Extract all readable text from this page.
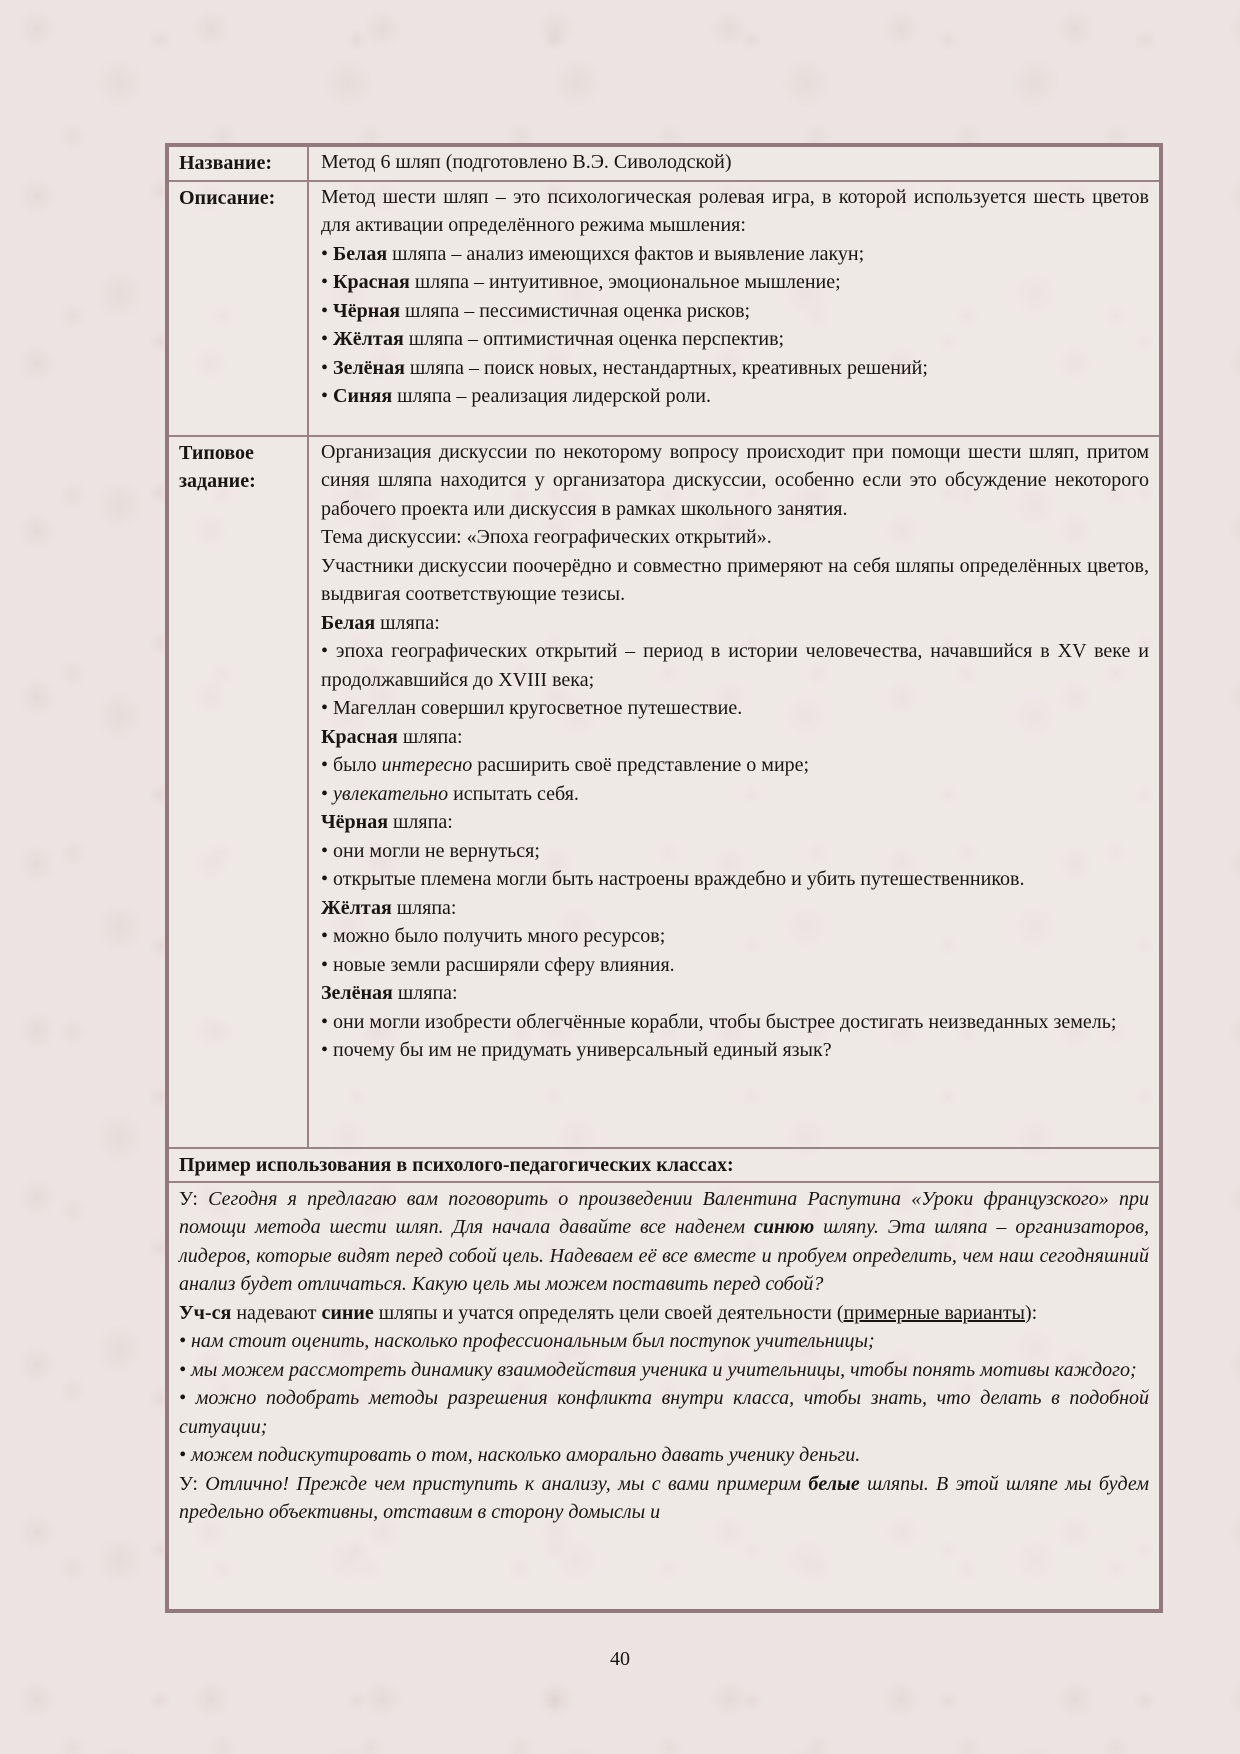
Название:	Метод 6 шляп (подготовлено В.Э. Сиволодской)
Описание:	Метод шести шляп – это психологическая ролевая игра, в которой используется шесть цветов для активации определённого режима мышления:
• Белая шляпа – анализ имеющихся фактов и выявление лакун;
• Красная шляпа – интуитивное, эмоциональное мышление;
• Чёрная шляпа – пессимистичная оценка рисков;
• Жёлтая шляпа – оптимистичная оценка перспектив;
• Зелёная шляпа – поиск новых, нестандартных, креативных решений;
• Синяя шляпа – реализация лидерской роли.
Типовое задание:
Организация дискуссии по некоторому вопросу происходит при помощи шести шляп, притом синяя шляпа находится у организатора дискуссии, особенно если это обсуждение некоторого рабочего проекта или дискуссия в рамках школьного занятия.
Тема дискуссии: «Эпоха географических открытий».
Участники дискуссии поочерёдно и совместно примеряют на себя шляпы определённых цветов, выдвигая соответствующие тезисы.
Белая шляпа:
• эпоха географических открытий – период в истории человечества, начавшийся в XV веке и продолжавшийся до XVIII века;
• Магеллан совершил кругосветное путешествие.
Красная шляпа:
• было интересно расширить своё представление о мире;
• увлекательно испытать себя.
Чёрная шляпа:
• они могли не вернуться;
• открытые племена могли быть настроены враждебно и убить путешественников.
Жёлтая шляпа:
• можно было получить много ресурсов;
• новые земли расширяли сферу влияния.
Зелёная шляпа:
• они могли изобрести облегчённые корабли, чтобы быстрее достигать неизведанных земель;
• почему бы им не придумать универсальный единый язык?
Пример использования в психолого-педагогических классах:
У: Сегодня я предлагаю вам поговорить о произведении Валентина Распутина «Уроки французского» при помощи метода шести шляп. Для начала давайте все наденем синюю шляпу. Эта шляпа – организаторов, лидеров, которые видят перед собой цель. Надеваем её все вместе и пробуем определить, чем наш сегодняшний анализ будет отличаться. Какую цель мы можем поставить перед собой?
Уч-ся надевают синие шляпы и учатся определять цели своей деятельности (примерные варианты):
• нам стоит оценить, насколько профессиональным был поступок учительницы;
• мы можем рассмотреть динамику взаимодействия ученика и учительницы, чтобы понять мотивы каждого;
• можно подобрать методы разрешения конфликта внутри класса, чтобы знать, что делать в подобной ситуации;
• можем подискутировать о том, насколько аморально давать ученику деньги.
У: Отлично! Прежде чем приступить к анализу, мы с вами примерим белые шляпы. В этой шляпе мы будем предельно объективны, отставим в сторону домыслы и
40
